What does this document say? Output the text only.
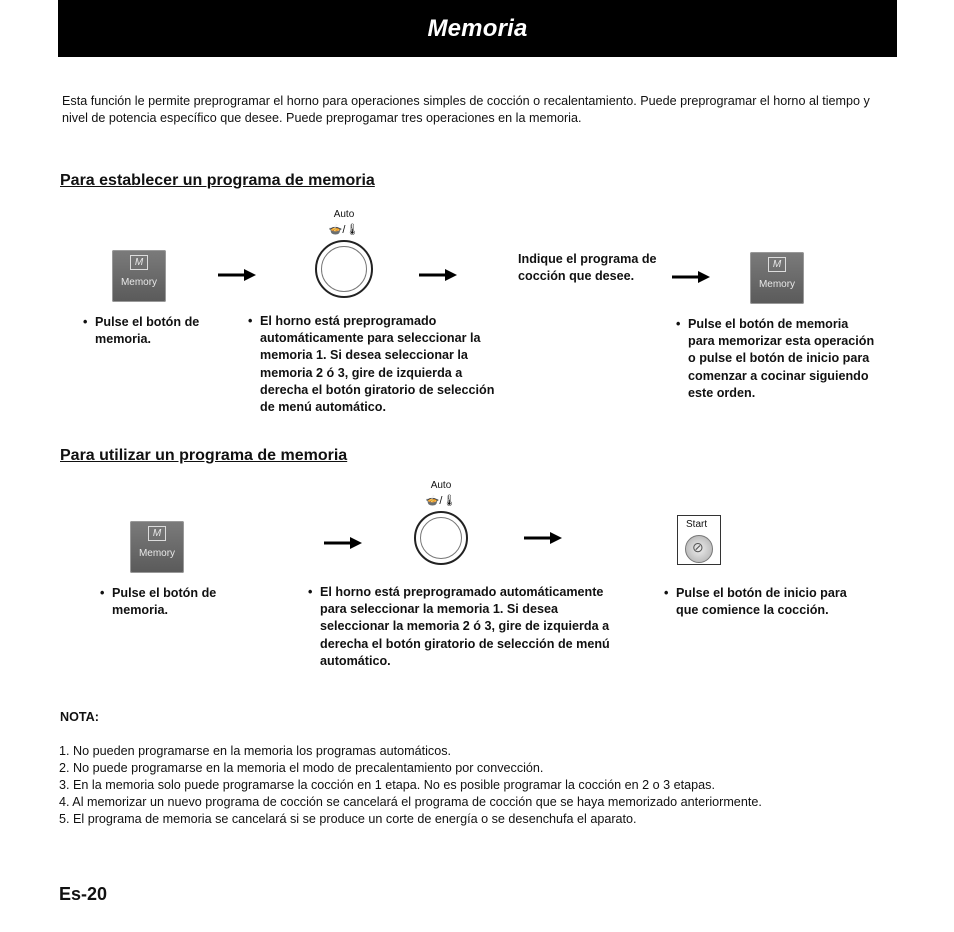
Memoria
Esta función le permite preprogramar el horno para operaciones simples de cocción o recalentamiento. Puede preprogramar el horno al tiempo y nivel de potencia específico que desee. Puede preprogamar tres operaciones en la memoria.
Para establecer un programa de memoria
M
Memory
Auto
🍲/🌡
Indique el programa de cocción que desee.
M
Memory
• Pulse el botón de memoria.
• El horno está preprogramado automáticamente para seleccionar la memoria 1. Si desea seleccionar la memoria 2 ó 3, gire de izquierda a derecha el botón giratorio de selección de menú automático.
• Pulse el botón de memoria para memorizar esta operación o pulse el botón de inicio para comenzar a cocinar siguiendo este orden.
Para utilizar un programa de memoria
M
Memory
Auto
🍲/🌡
Start
⊘
• Pulse el botón de memoria.
• El horno está preprogramado automáticamente para seleccionar la memoria 1. Si desea seleccionar la memoria 2 ó 3, gire de izquierda a derecha el botón giratorio de selección de menú automático.
• Pulse el botón de inicio para que comience la cocción.
NOTA:
1. No pueden programarse en la memoria los programas automáticos.
2. No puede programarse en la memoria el modo de precalentamiento por convección.
3. En la memoria solo puede programarse la cocción en 1 etapa. No es posible programar la cocción en 2 o 3 etapas.
4. Al memorizar un nuevo programa de cocción se cancelará el programa de cocción que se haya memorizado anteriormente.
5. El programa de memoria se cancelará si se produce un corte de energía o se desenchufa el aparato.
Es-20
